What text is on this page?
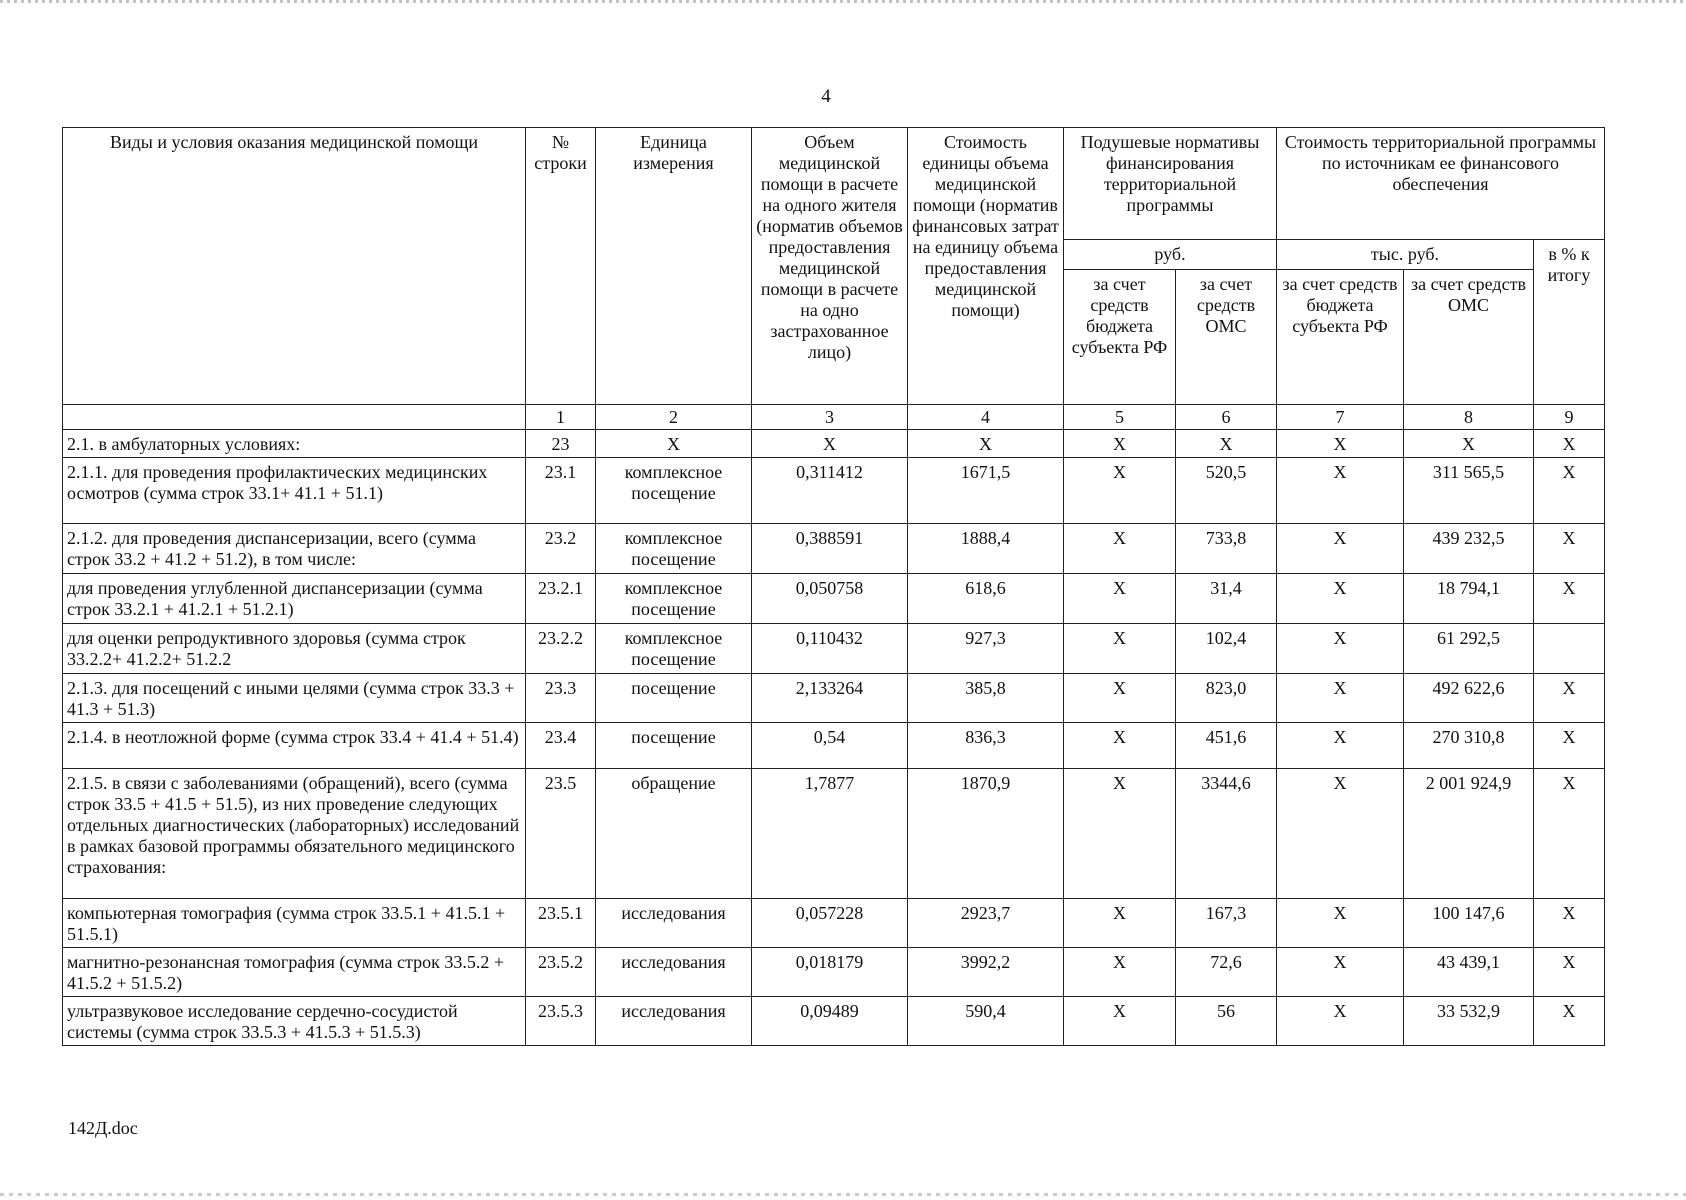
4
Виды и условия оказания медицинской помощи	№ строки	Единица измерения	Объем медицинской помощи в расчете на одного жителя (норматив объемов предоставления медицинской помощи в расчете на одно застрахованное лицо)	Стоимость единицы объема медицинской помощи (норматив финансовых затрат на единицу объема предоставления медицинской помощи)	Подушевые нормативы финансирования территориальной программы		Стоимость территориальной программы по источникам ее финансового обеспечения		
					руб.		тыс. руб.		в % к итогу
					за счет средств бюджета субъекта РФ	за счет средств ОМС	за счет средств бюджета субъекта РФ	за счет средств ОМС	
	1	2	3	4	5	6	7	8	9
2.1. в амбулаторных условиях:	23	X	X	X	X	X	X	X	X
2.1.1. для проведения профилактических медицинских осмотров (сумма строк 33.1+ 41.1 + 51.1)	23.1	комплексное посещение	0,311412	1671,5	X	520,5	X	311 565,5	X
2.1.2. для проведения диспансеризации, всего (сумма строк 33.2 + 41.2 + 51.2), в том числе:	23.2	комплексное посещение	0,388591	1888,4	X	733,8	X	439 232,5	X
для проведения углубленной диспансеризации (сумма строк 33.2.1 + 41.2.1 + 51.2.1)	23.2.1	комплексное посещение	0,050758	618,6	X	31,4	X	18 794,1	X
для оценки репродуктивного здоровья (сумма строк 33.2.2+ 41.2.2+ 51.2.2	23.2.2	комплексное посещение	0,110432	927,3	X	102,4	X	61 292,5	
2.1.3. для посещений с иными целями (сумма строк 33.3 + 41.3 + 51.3)	23.3	посещение	2,133264	385,8	X	823,0	X	492 622,6	X
2.1.4. в неотложной форме (сумма строк 33.4 + 41.4 + 51.4)	23.4	посещение	0,54	836,3	X	451,6	X	270 310,8	X
2.1.5. в связи с заболеваниями (обращений), всего (сумма строк 33.5 + 41.5 + 51.5), из них проведение следующих отдельных диагностических (лабораторных) исследований в рамках базовой программы обязательного медицинского страхования:	23.5	обращение	1,7877	1870,9	X	3344,6	X	2 001 924,9	X
компьютерная томография (сумма строк 33.5.1 + 41.5.1 + 51.5.1)	23.5.1	исследования	0,057228	2923,7	X	167,3	X	100 147,6	X
магнитно-резонансная томография (сумма строк 33.5.2 + 41.5.2 + 51.5.2)	23.5.2	исследования	0,018179	3992,2	X	72,6	X	43 439,1	X
ультразвуковое исследование сердечно-сосудистой системы (сумма строк 33.5.3 + 41.5.3 + 51.5.3)	23.5.3	исследования	0,09489	590,4	X	56	X	33 532,9	X
142Д.doc
